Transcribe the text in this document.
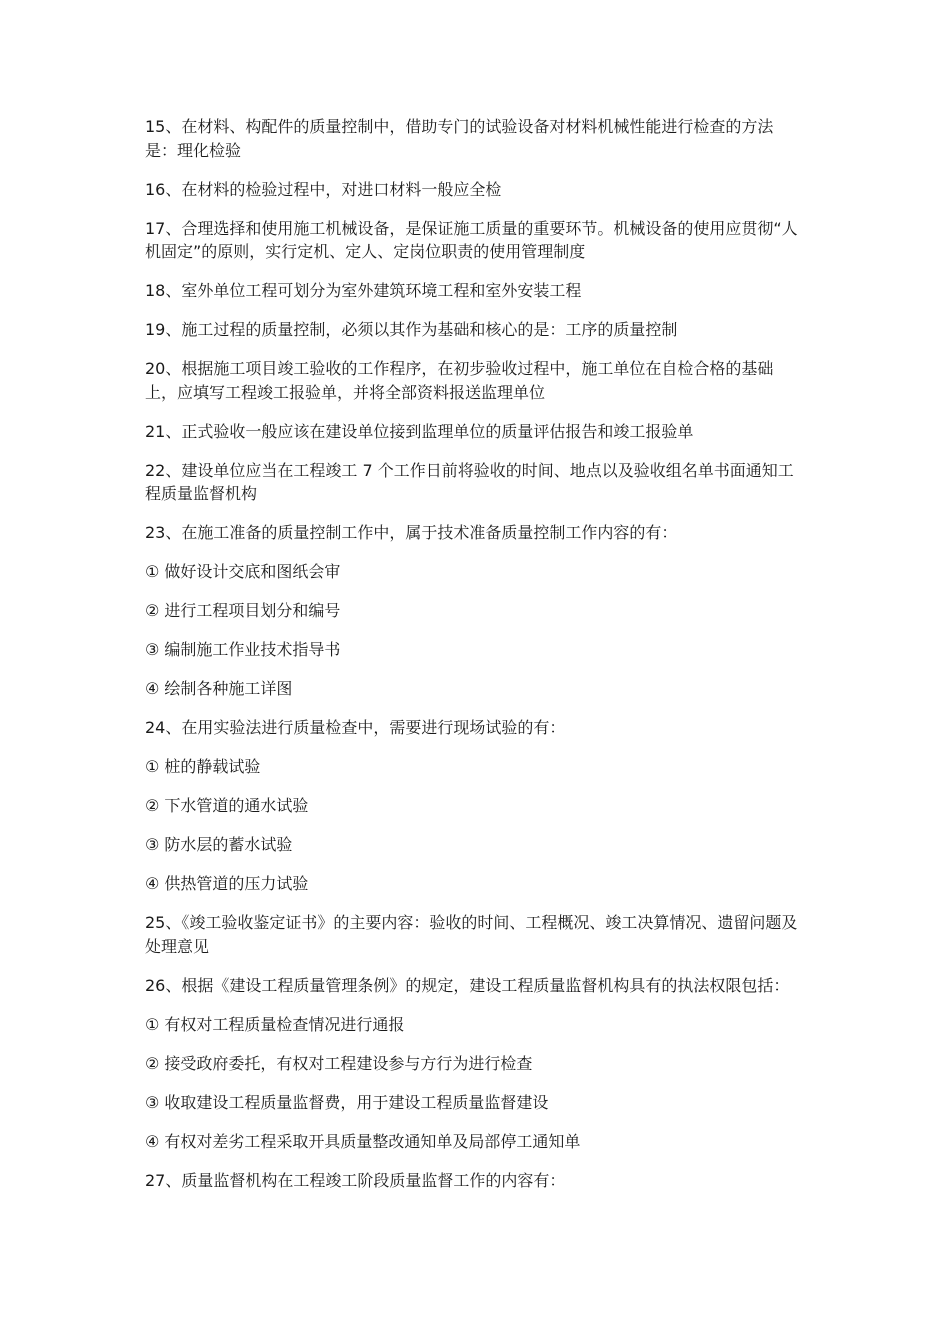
15、在材料、构配件的质量控制中，借助专门的试验设备对材料机械性能进行检查的方法是：理化检验

16、在材料的检验过程中，对进口材料一般应全检

17、合理选择和使用施工机械设备，是保证施工质量的重要环节。机械设备的使用应贯彻“人机固定”的原则，实行定机、定人、定岗位职责的使用管理制度

18、室外单位工程可划分为室外建筑环境工程和室外安装工程

19、施工过程的质量控制，必须以其作为基础和核心的是：工序的质量控制

20、根据施工项目竣工验收的工作程序，在初步验收过程中，施工单位在自检合格的基础上，应填写工程竣工报验单，并将全部资料报送监理单位

21、正式验收一般应该在建设单位接到监理单位的质量评估报告和竣工报验单

22、建设单位应当在工程竣工 7 个工作日前将验收的时间、地点以及验收组名单书面通知工程质量监督机构

23、在施工准备的质量控制工作中，属于技术准备质量控制工作内容的有：

① 做好设计交底和图纸会审

② 进行工程项目划分和编号

③ 编制施工作业技术指导书

④ 绘制各种施工详图

24、在用实验法进行质量检查中，需要进行现场试验的有：

① 桩的静载试验

② 下水管道的通水试验

③ 防水层的蓄水试验

④ 供热管道的压力试验

25、《竣工验收鉴定证书》的主要内容：验收的时间、工程概况、竣工决算情况、遗留问题及处理意见

26、根据《建设工程质量管理条例》的规定，建设工程质量监督机构具有的执法权限包括：

① 有权对工程质量检查情况进行通报

② 接受政府委托，有权对工程建设参与方行为进行检查

③ 收取建设工程质量监督费，用于建设工程质量监督建设

④ 有权对差劣工程采取开具质量整改通知单及局部停工通知单

27、质量监督机构在工程竣工阶段质量监督工作的内容有：
